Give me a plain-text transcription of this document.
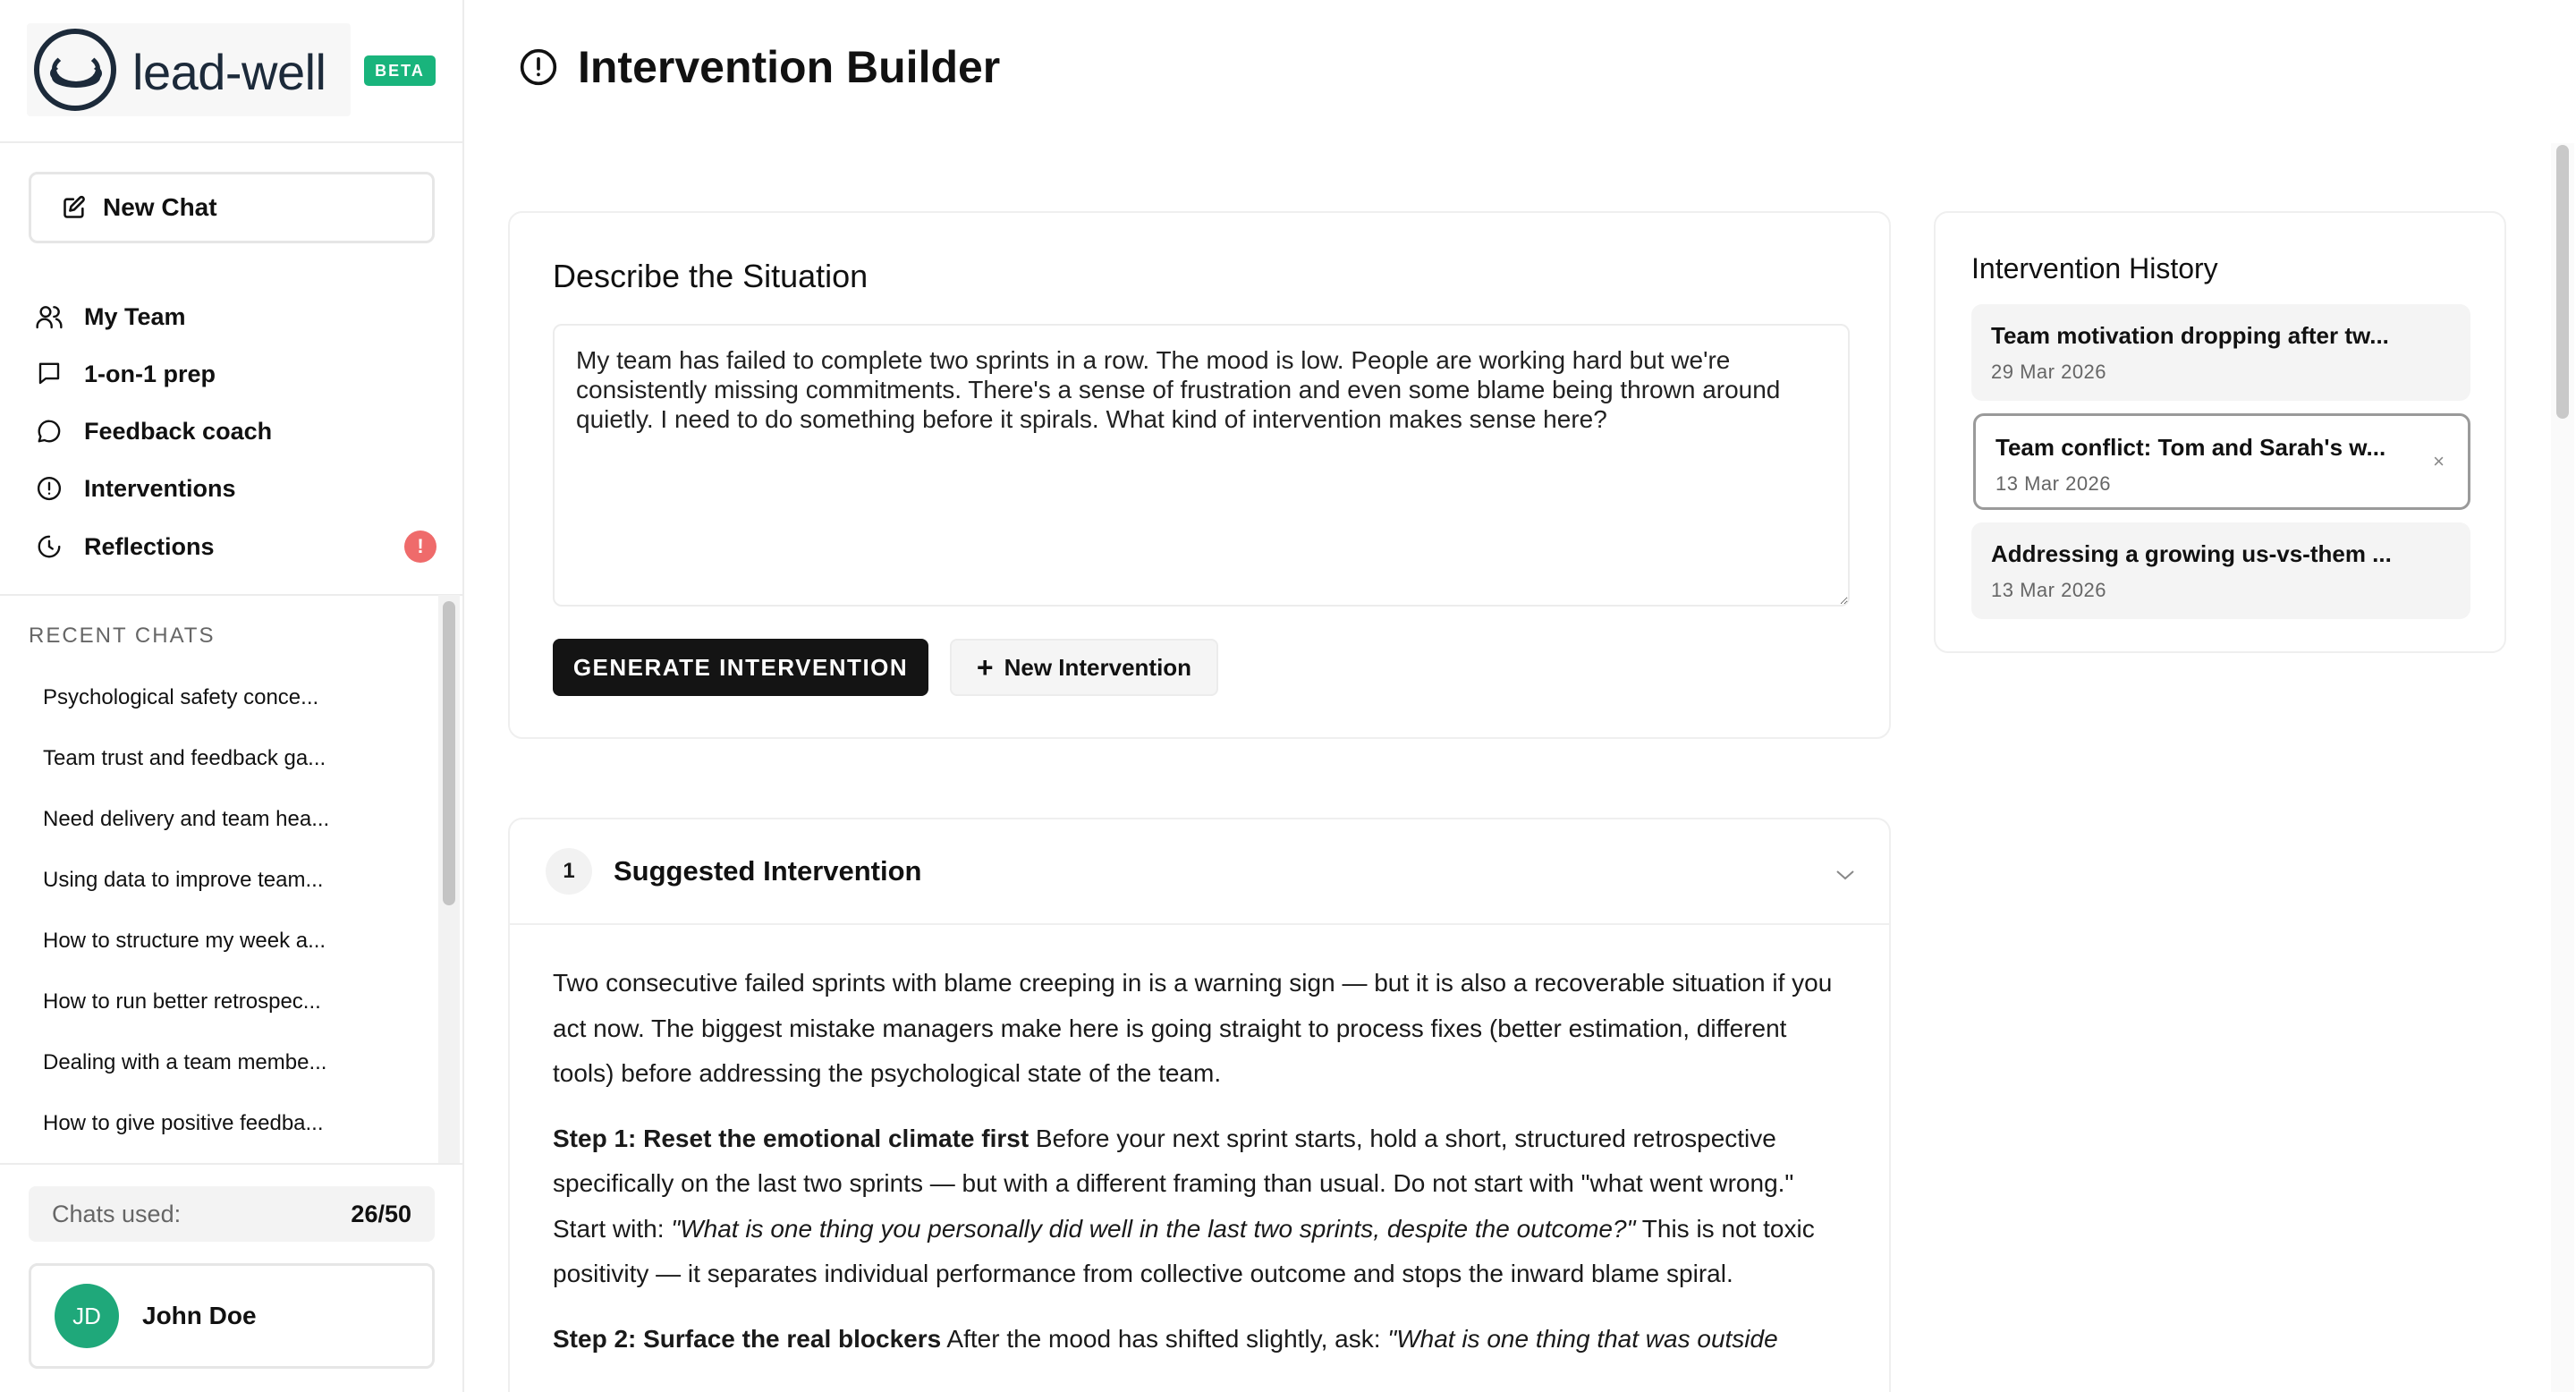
lead-well	BETA
New Chat
My Team
1-on-1 prep
Feedback coach
Interventions
Reflections	!
RECENT CHATS
Psychological safety conce...
Team trust and feedback ga...
Need delivery and team hea...
Using data to improve team...
How to structure my week a...
How to run better retrospec...
Dealing with a team membe...
How to give positive feedba...
Chats used:	26/50
JD	John Doe
Intervention Builder
Describe the Situation
My team has failed to complete two sprints in a row. The mood is low. People are working hard but we're consistently missing commitments. There's a sense of frustration and even some blame being thrown around quietly. I need to do something before it spirals. What kind of intervention makes sense here?
GENERATE INTERVENTION	+ New Intervention
1	Suggested Intervention

Two consecutive failed sprints with blame creeping in is a warning sign — but it is also a recoverable situation if you act now. The biggest mistake managers make here is going straight to process fixes (better estimation, different tools) before addressing the psychological state of the team.

Step 1: Reset the emotional climate first Before your next sprint starts, hold a short, structured retrospective specifically on the last two sprints — but with a different framing than usual. Do not start with "what went wrong." Start with: "What is one thing you personally did well in the last two sprints, despite the outcome?" This is not toxic positivity — it separates individual performance from collective outcome and stops the inward blame spiral.

Step 2: Surface the real blockers After the mood has shifted slightly, ask: "What is one thing that was outside

Intervention History
Team motivation dropping after tw...
29 Mar 2026
Team conflict: Tom and Sarah's w...
13 Mar 2026
×
Addressing a growing us-vs-them ...
13 Mar 2026
